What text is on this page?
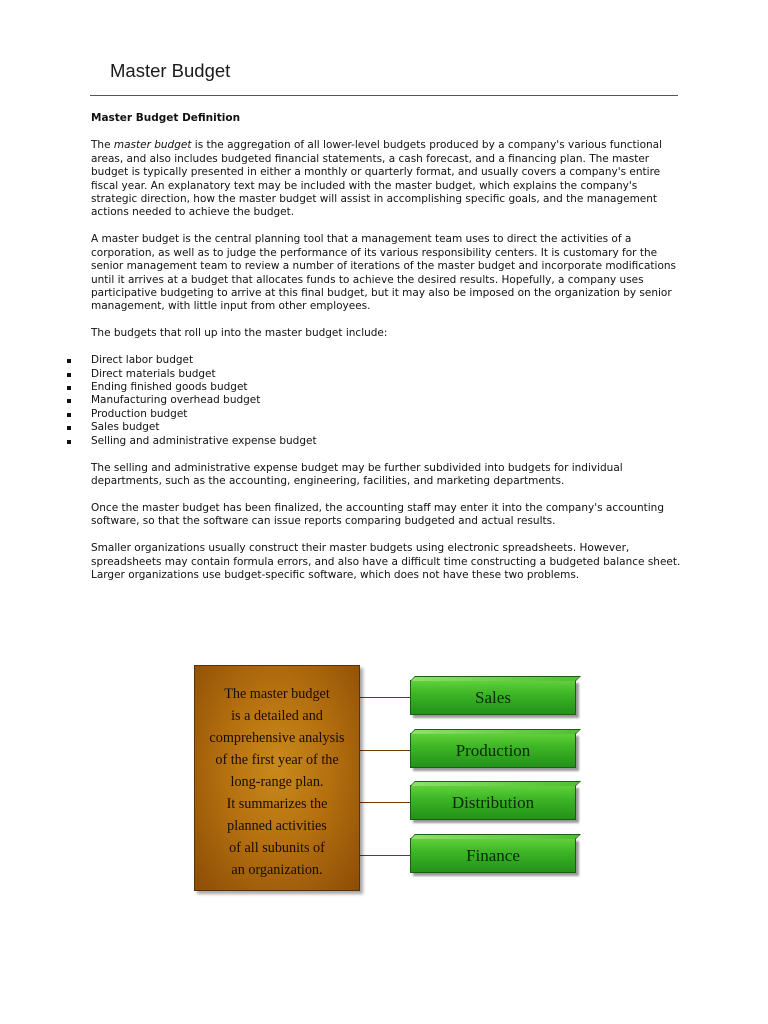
Master Budget
Master Budget Definition

The master budget is the aggregation of all lower-level budgets produced by a company's various functional areas, and also includes budgeted financial statements, a cash forecast, and a financing plan. The master budget is typically presented in either a monthly or quarterly format, and usually covers a company's entire fiscal year. An explanatory text may be included with the master budget, which explains the company's strategic direction, how the master budget will assist in accomplishing specific goals, and the management actions needed to achieve the budget.

A master budget is the central planning tool that a management team uses to direct the activities of a corporation, as well as to judge the performance of its various responsibility centers. It is customary for the senior management team to review a number of iterations of the master budget and incorporate modifications until it arrives at a budget that allocates funds to achieve the desired results. Hopefully, a company uses participative budgeting to arrive at this final budget, but it may also be imposed on the organization by senior management, with little input from other employees.

The budgets that roll up into the master budget include:

Direct labor budget
Direct materials budget
Ending finished goods budget
Manufacturing overhead budget
Production budget
Sales budget
Selling and administrative expense budget

The selling and administrative expense budget may be further subdivided into budgets for individual departments, such as the accounting, engineering, facilities, and marketing departments.

Once the master budget has been finalized, the accounting staff may enter it into the company's accounting software, so that the software can issue reports comparing budgeted and actual results.

Smaller organizations usually construct their master budgets using electronic spreadsheets. However, spreadsheets may contain formula errors, and also have a difficult time constructing a budgeted balance sheet. Larger organizations use budget-specific software, which does not have these two problems.

The master budget
is a detailed and
comprehensive analysis
of the first year of the
long-range plan.
It summarizes the
planned activities
of all subunits of
an organization.
Sales
Production
Distribution
Finance
